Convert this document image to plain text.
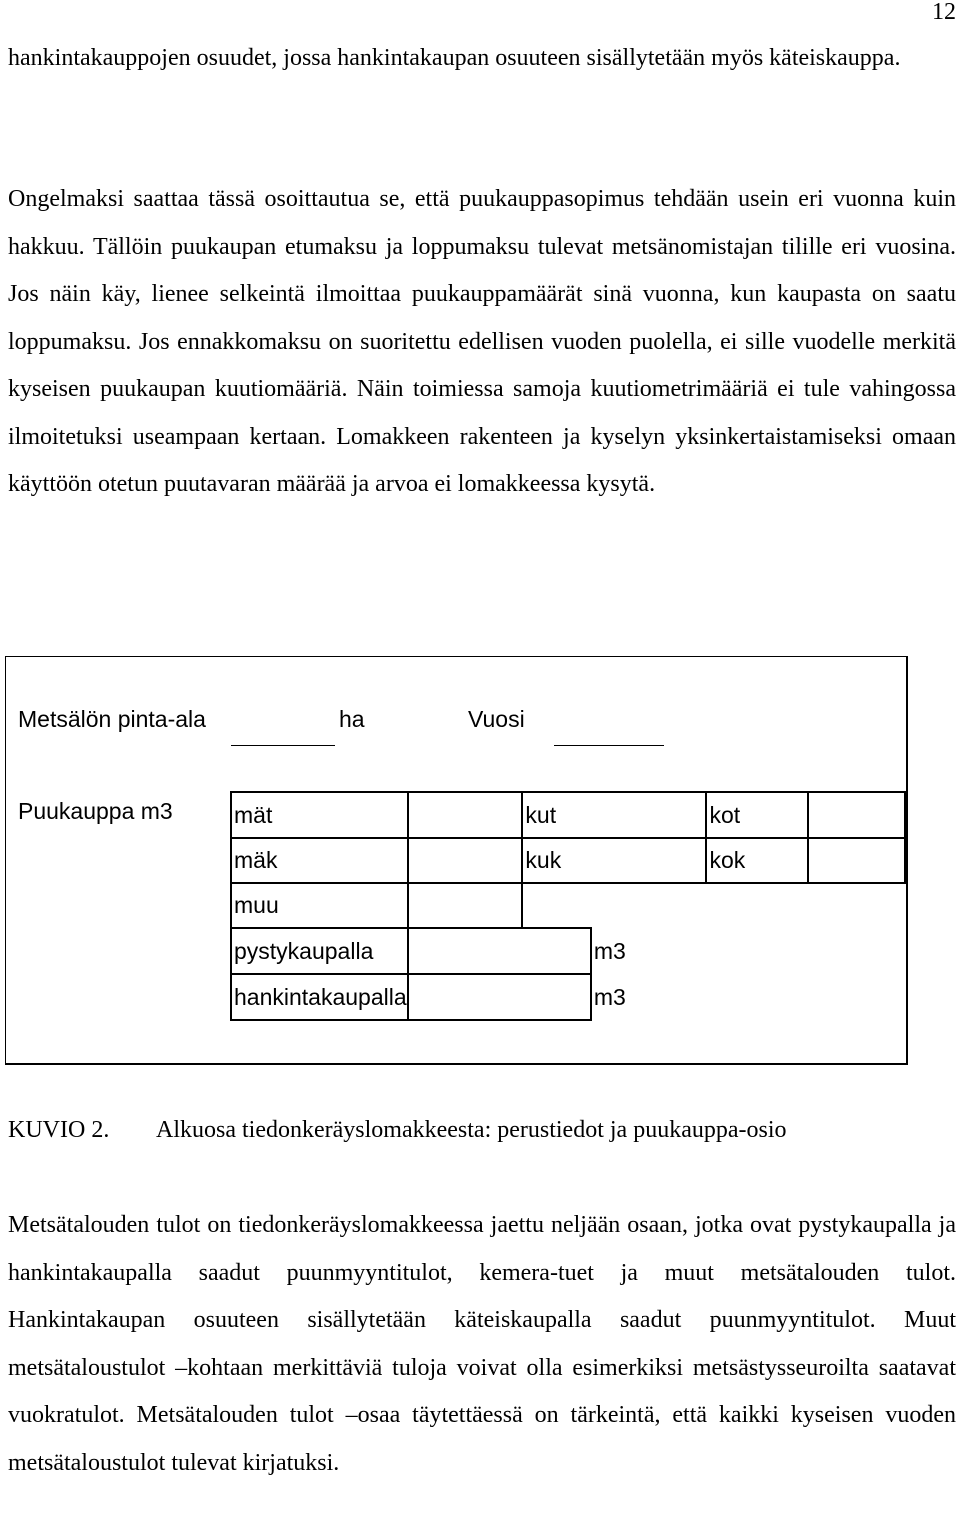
12

hankintakauppojen osuudet, jossa hankintakaupan osuuteen sisällytetään myös käteiskauppa.

Ongelmaksi saattaa tässä osoittautua se, että puukauppasopimus tehdään usein eri vuonna kuin hakkuu. Tällöin puukaupan etumaksu ja loppumaksu tulevat metsänomistajan tilille eri vuosina. Jos näin käy, lienee selkeintä ilmoittaa puukauppamäärät sinä vuonna, kun kaupasta on saatu loppumaksu. Jos ennakkomaksu on suoritettu edellisen vuoden puolella, ei sille vuodelle merkitä kyseisen puukaupan kuutiomääriä. Näin toimiessa samoja kuutiometrimääriä ei tule vahingossa ilmoitetuksi useampaan kertaan. Lomakkeen rakenteen ja kyselyn yksinkertaistamiseksi omaan käyttöön otetun puutavaran määrää ja arvoa ei lomakkeessa kysytä.

Metsälön pinta-ala	ha	Vuosi
Puukauppa m3	mät		kut		kot	
mäk		kuk		kok	
muu					
pystykaupalla			m3		
hankintakaupalla			m3		
KUVIO 2. Alkuosa tiedonkeräyslomakkeesta: perustiedot ja puukauppa-osio

Metsätalouden tulot on tiedonkeräyslomakkeessa jaettu neljään osaan, jotka ovat pystykaupalla ja hankintakaupalla saadut puunmyyntitulot, kemera-tuet ja muut metsätalouden tulot. Hankintakaupan osuuteen sisällytetään käteiskaupalla saadut puunmyyntitulot. Muut metsätaloustulot –kohtaan merkittäviä tuloja voivat olla esimerkiksi metsästysseuroilta saatavat vuokratulot. Metsätalouden tulot –osaa täytettäessä on tärkeintä, että kaikki kyseisen vuoden metsätaloustulot tulevat kirjatuksi.
